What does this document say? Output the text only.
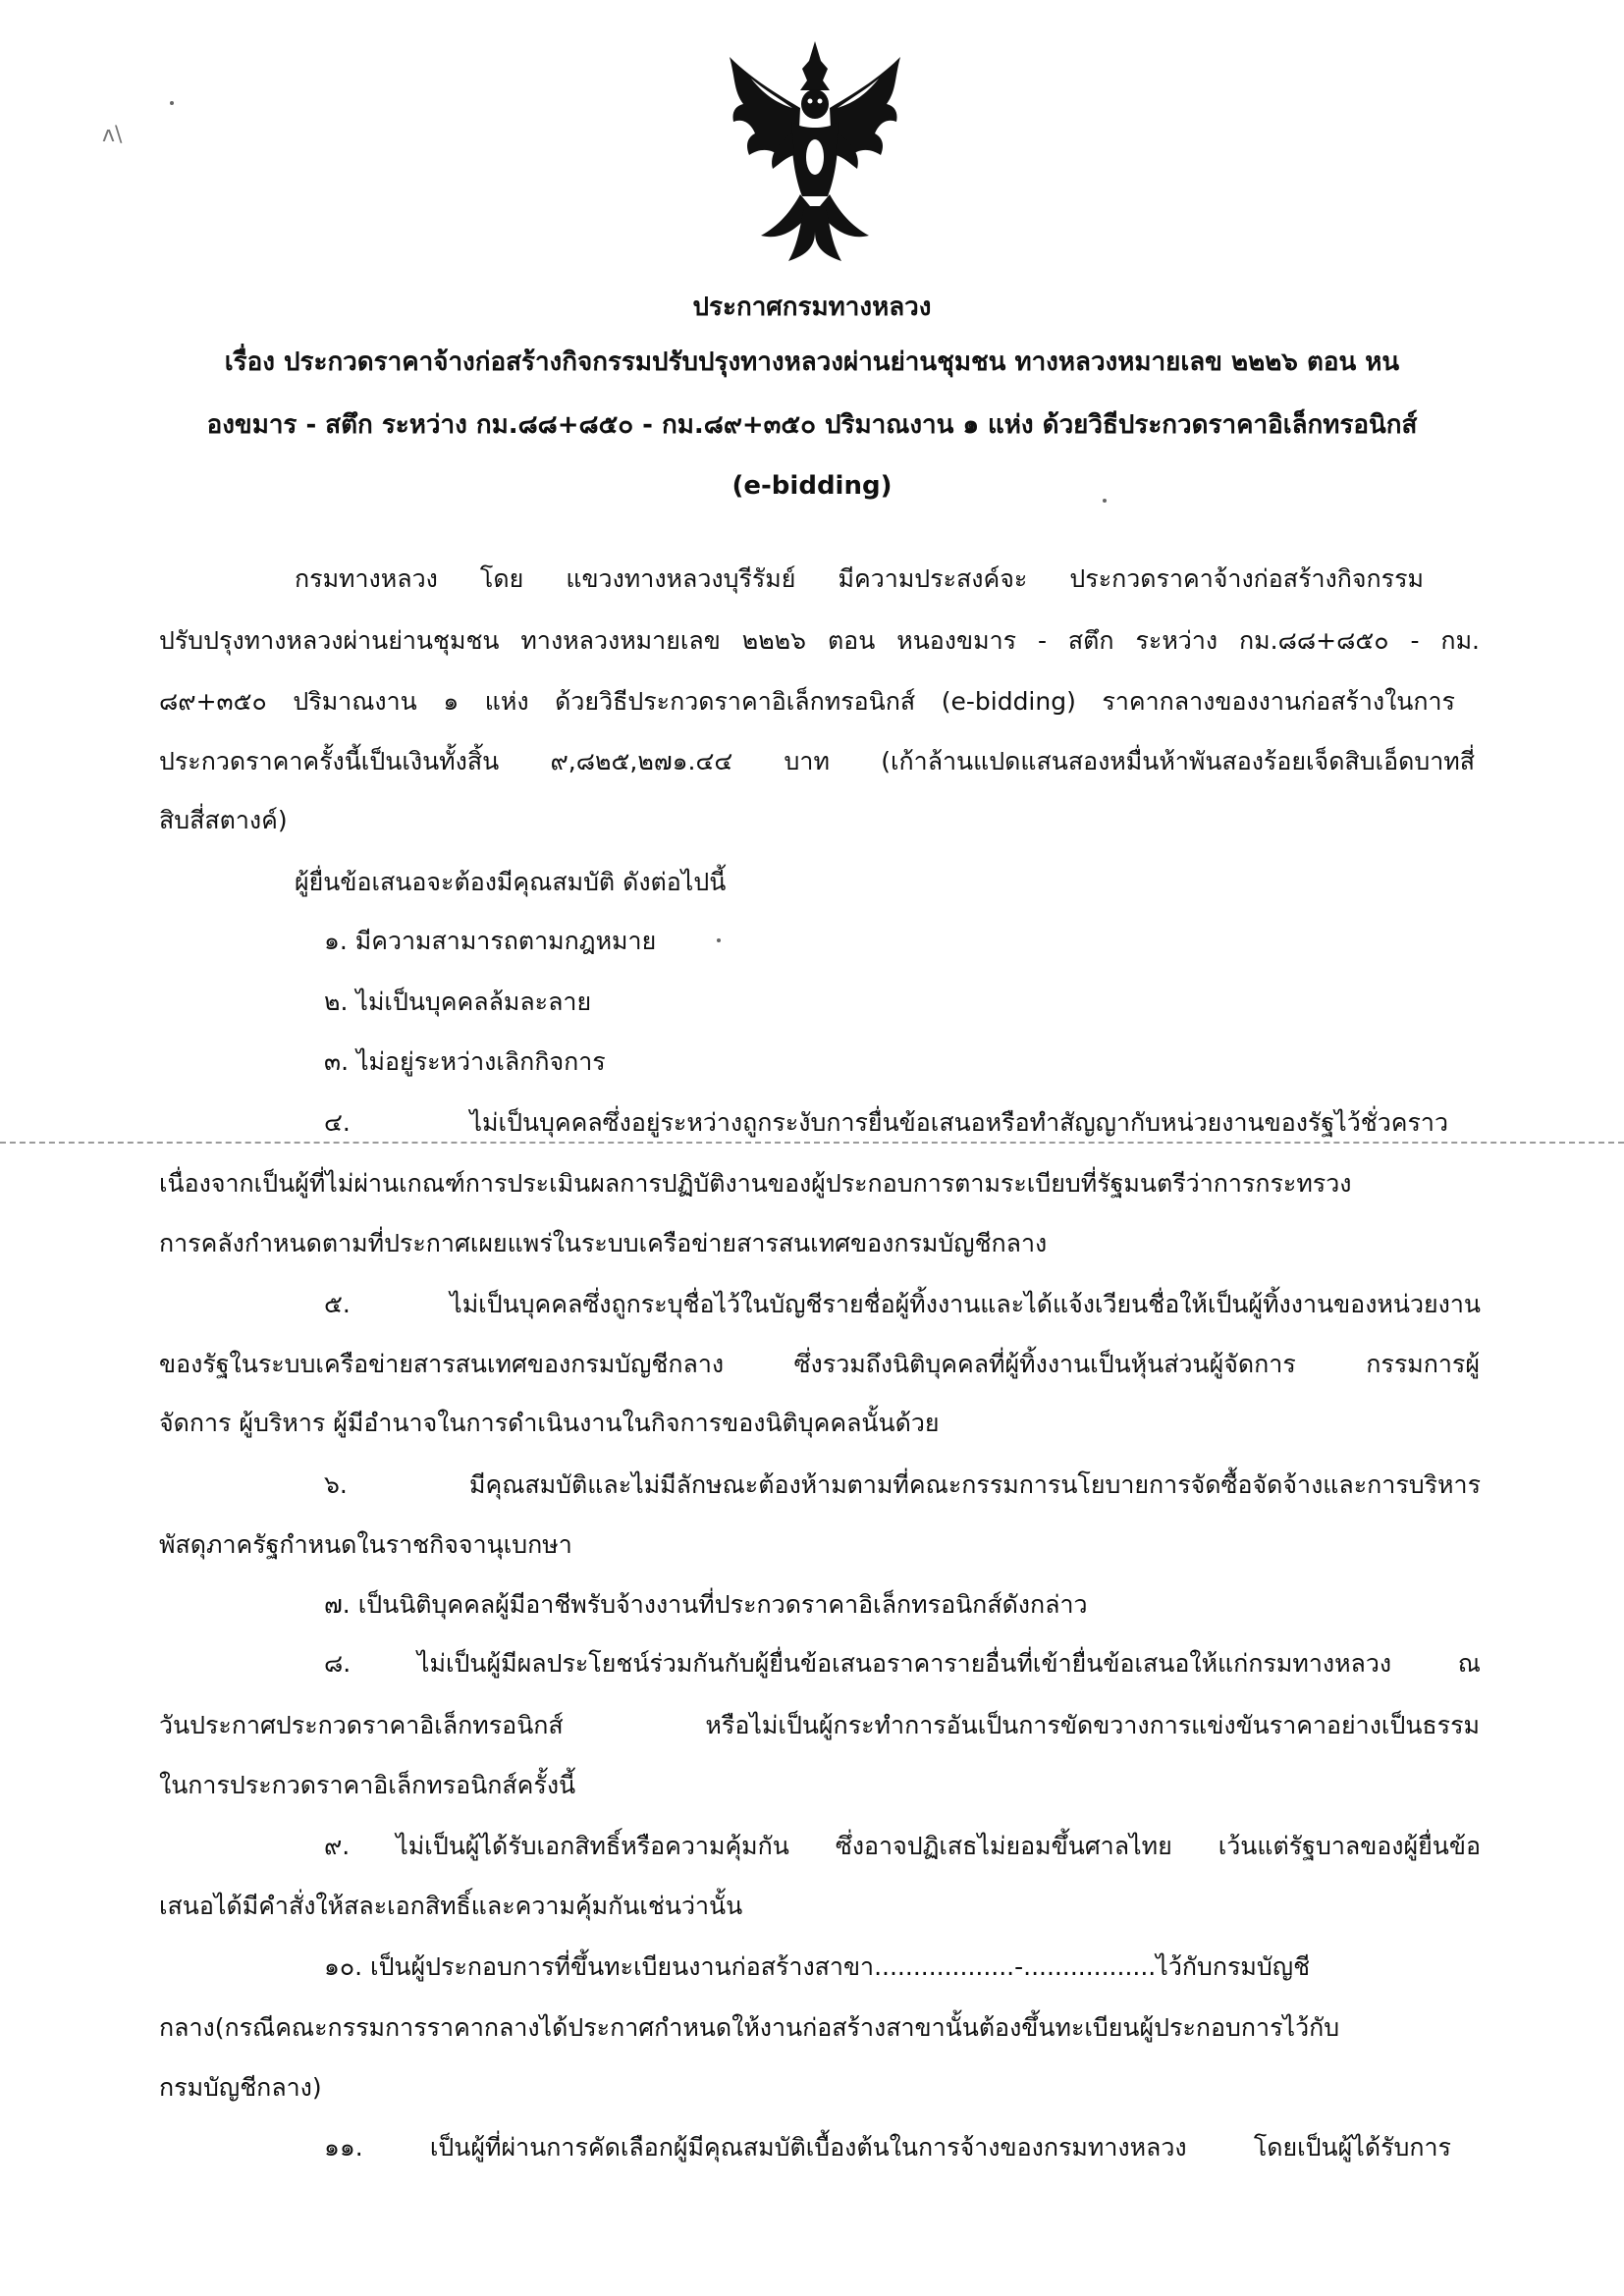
ᴧ\
ประกาศกรมทางหลวง
เรื่อง ประกวดราคาจ้างก่อสร้างกิจกรรมปรับปรุงทางหลวงผ่านย่านชุมชน ทางหลวงหมายเลข ๒๒๒๖ ตอน หน
องขมาร - สตึก ระหว่าง กม.๘๘+๘๕๐ - กม.๘๙+๓๕๐ ปริมาณงาน ๑ แห่ง ด้วยวิธีประกวดราคาอิเล็กทรอนิกส์
(e-bidding)
กรมทางหลวง โดย แขวงทางหลวงบุรีรัมย์ มีความประสงค์จะ ประกวดราคาจ้างก่อสร้างกิจกรรม
ปรับปรุงทางหลวงผ่านย่านชุมชน ทางหลวงหมายเลข ๒๒๒๖ ตอน หนองขมาร - สตึก ระหว่าง กม.๘๘+๘๕๐ - กม.
๘๙+๓๕๐ ปริมาณงาน ๑ แห่ง ด้วยวิธีประกวดราคาอิเล็กทรอนิกส์ (e-bidding) ราคากลางของงานก่อสร้างในการ
ประกวดราคาครั้งนี้เป็นเงินทั้งสิ้น ๙,๘๒๕,๒๗๑.๔๔ บาท (เก้าล้านแปดแสนสองหมื่นห้าพันสองร้อยเจ็ดสิบเอ็ดบาทสี่
สิบสี่สตางค์)
ผู้ยื่นข้อเสนอจะต้องมีคุณสมบัติ ดังต่อไปนี้
๑. มีความสามารถตามกฎหมาย
๒. ไม่เป็นบุคคลล้มละลาย
๓. ไม่อยู่ระหว่างเลิกกิจการ
๔. ไม่เป็นบุคคลซึ่งอยู่ระหว่างถูกระงับการยื่นข้อเสนอหรือทำสัญญากับหน่วยงานของรัฐไว้ชั่วคราว
เนื่องจากเป็นผู้ที่ไม่ผ่านเกณฑ์การประเมินผลการปฏิบัติงานของผู้ประกอบการตามระเบียบที่รัฐมนตรีว่าการกระทรวง
การคลังกำหนดตามที่ประกาศเผยแพร่ในระบบเครือข่ายสารสนเทศของกรมบัญชีกลาง
๕. ไม่เป็นบุคคลซึ่งถูกระบุชื่อไว้ในบัญชีรายชื่อผู้ทิ้งงานและได้แจ้งเวียนชื่อให้เป็นผู้ทิ้งงานของหน่วยงาน
ของรัฐในระบบเครือข่ายสารสนเทศของกรมบัญชีกลาง ซึ่งรวมถึงนิติบุคคลที่ผู้ทิ้งงานเป็นหุ้นส่วนผู้จัดการ กรรมการผู้
จัดการ ผู้บริหาร ผู้มีอำนาจในการดำเนินงานในกิจการของนิติบุคคลนั้นด้วย
๖. มีคุณสมบัติและไม่มีลักษณะต้องห้ามตามที่คณะกรรมการนโยบายการจัดซื้อจัดจ้างและการบริหาร
พัสดุภาครัฐกำหนดในราชกิจจานุเบกษา
๗. เป็นนิติบุคคลผู้มีอาชีพรับจ้างงานที่ประกวดราคาอิเล็กทรอนิกส์ดังกล่าว
๘. ไม่เป็นผู้มีผลประโยชน์ร่วมกันกับผู้ยื่นข้อเสนอราคารายอื่นที่เข้ายื่นข้อเสนอให้แก่กรมทางหลวง ณ
วันประกาศประกวดราคาอิเล็กทรอนิกส์ หรือไม่เป็นผู้กระทำการอันเป็นการขัดขวางการแข่งขันราคาอย่างเป็นธรรม
ในการประกวดราคาอิเล็กทรอนิกส์ครั้งนี้
๙. ไม่เป็นผู้ได้รับเอกสิทธิ์หรือความคุ้มกัน ซึ่งอาจปฏิเสธไม่ยอมขึ้นศาลไทย เว้นแต่รัฐบาลของผู้ยื่นข้อ
เสนอได้มีคำสั่งให้สละเอกสิทธิ์และความคุ้มกันเช่นว่านั้น
๑๐. เป็นผู้ประกอบการที่ขึ้นทะเบียนงานก่อสร้างสาขา..................-.................ไว้กับกรมบัญชี
กลาง(กรณีคณะกรรมการราคากลางได้ประกาศกำหนดให้งานก่อสร้างสาขานั้นต้องขึ้นทะเบียนผู้ประกอบการไว้กับ
กรมบัญชีกลาง)
๑๑. เป็นผู้ที่ผ่านการคัดเลือกผู้มีคุณสมบัติเบื้องต้นในการจ้างของกรมทางหลวง โดยเป็นผู้ได้รับการ
